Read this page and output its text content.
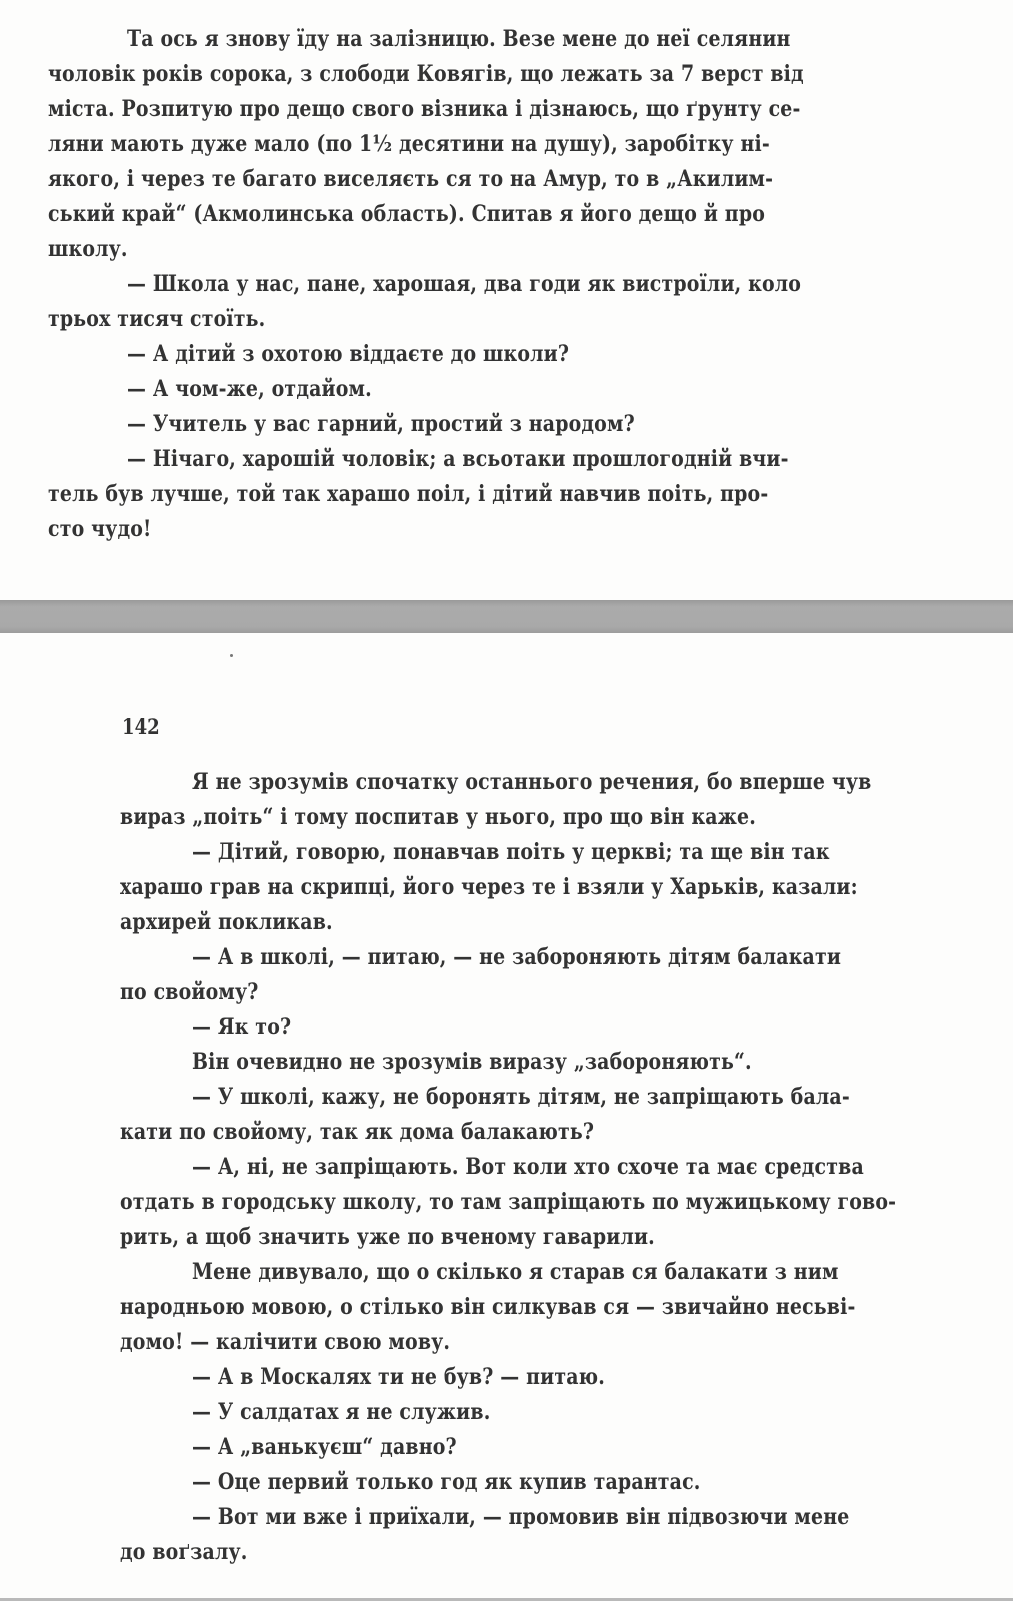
Та ось я знову їду на залізницю. Везе мене до неї селянин
чоловік років сорока, з слободи Ковягів, що лежать за 7 верст від
міста. Розпитую про дещо свого візника і дізнаюсь, що ґрунту се-
ляни мають дуже мало (по 1½ десятини на душу), заробітку ні-
якого, і через те багато виселяєть ся то на Амур, то в „Акилим-
ський край“ (Акмолинська область). Спитав я його дещо й про
школу.
— Школа у нас, пане, харошая, два годи як вистроїли, коло
трьох тисяч стоїть.
— А дітий з охотою віддаєте до школи?
— А чом-же, отдайом.
— Учитель у вас гарний, простий з народом?
— Нічаго, харошій чоловік; а всьотаки прошлогодній вчи-
тель був лучше, той так харашо поіл, і дітий навчив поіть, про-
сто чудо!
142
Я не зрозумів спочатку останнього речения, бо вперше чув
вираз „поіть“ і тому поспитав у нього, про що він каже.
— Дітий, говорю, понавчав поіть у церкві; та ще він так
харашо грав на скрипці, його через те і взяли у Харьків, казали:
архирей покликав.
— А в школі, — питаю, — не забороняють дітям балакати
по свойому?
— Як то?
Він очевидно не зрозумів виразу „забороняють“.
— У школі, кажу, не боронять дітям, не запріщають бала-
кати по свойому, так як дома балакають?
— А, ні, не запріщають. Вот коли хто схоче та має средства
отдать в городську школу, то там запріщають по мужицькому гово-
рить, а щоб значить уже по вченому гаварили.
Мене дивувало, що о скілько я старав ся балакати з ним
народньою мовою, о стілько він силкував ся — звичайно несьві-
домо! — калічити свою мову.
— А в Москалях ти не був? — питаю.
— У салдатах я не служив.
— А „ванькуєш“ давно?
— Оце первий только год як купив тарантас.
— Вот ми вже і приїхали, — промовив він підвозючи мене
до воґзалу.
